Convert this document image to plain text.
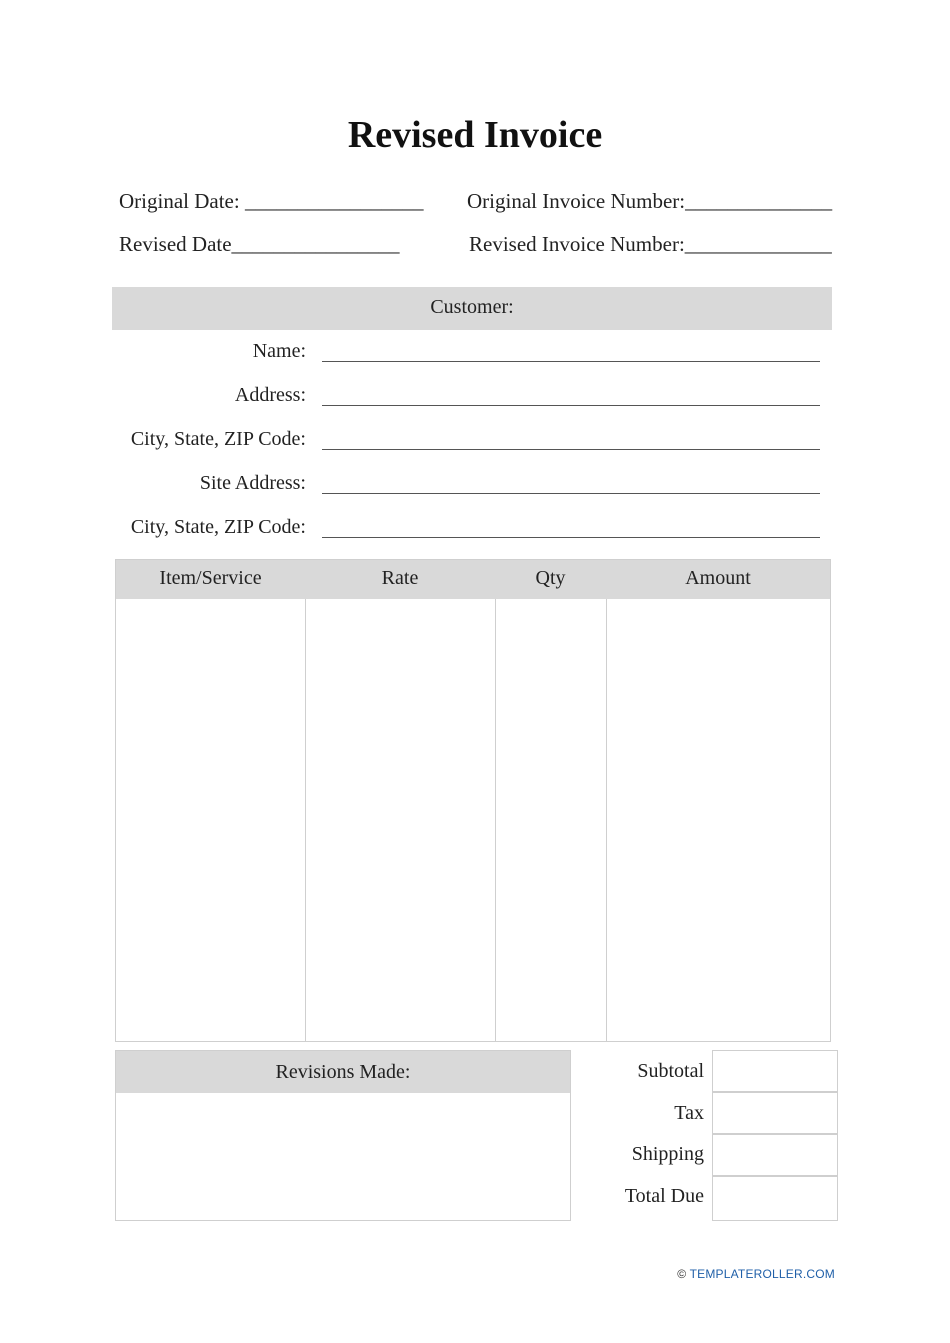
Revised Invoice
Original Date: _________________ Original Invoice Number:______________
Revised Date________________	Revised Invoice Number:______________
Customer:
Name:
Address:
City, State, ZIP Code:
Site Address:
City, State, ZIP Code:
Item/Service	Rate	Qty	Amount
Revisions Made:	Subtotal
Tax
Shipping
Total Due
© TEMPLATEROLLER.COM
